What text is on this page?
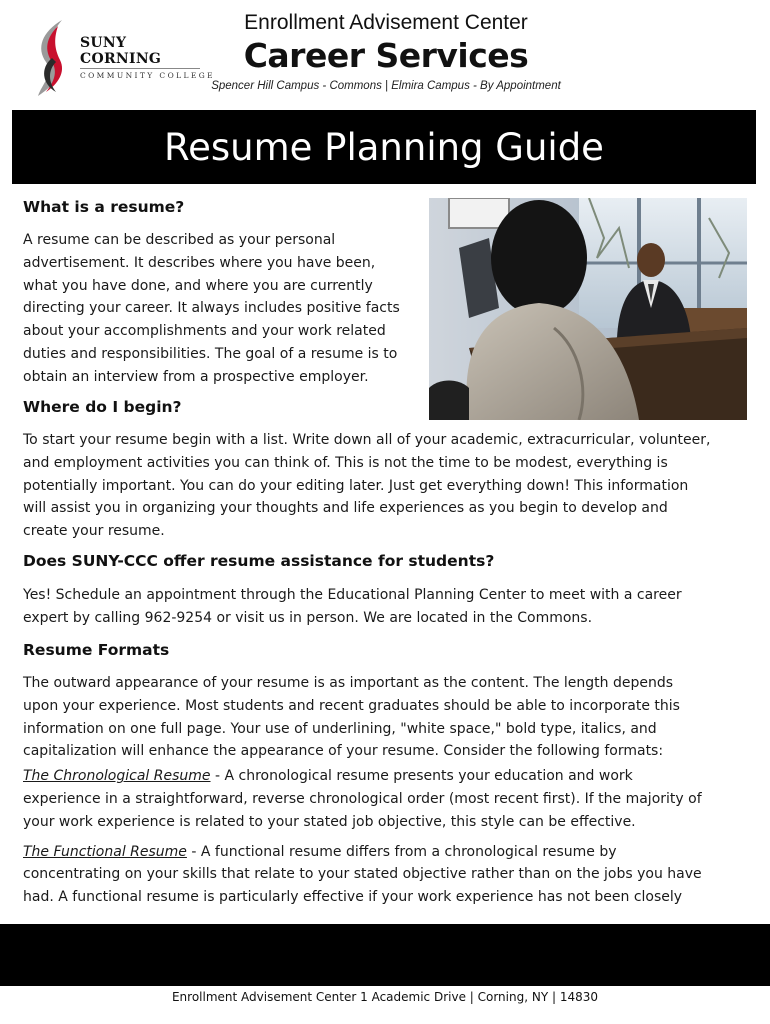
SUNY
CORNING
COMMUNITY COLLEGE
Enrollment Advisement Center
Career Services
Spencer Hill Campus - Commons | Elmira Campus - By Appointment
Resume Planning Guide
What is a resume?
A resume can be described as your personal
advertisement. It describes where you have been,
what you have done, and where you are currently
directing your career. It always includes positive facts
about your accomplishments and your work related
duties and responsibilities. The goal of a resume is to
obtain an interview from a prospective employer.
Where do I begin?
To start your resume begin with a list. Write down all of your academic, extracurricular, volunteer,
and employment activities you can think of. This is not the time to be modest, everything is
potentially important. You can do your editing later. Just get everything down! This information
will assist you in organizing your thoughts and life experiences as you begin to develop and
create your resume.
Does SUNY-CCC offer resume assistance for students?
Yes! Schedule an appointment through the Educational Planning Center to meet with a career
expert by calling 962-9254 or visit us in person. We are located in the Commons.
Resume Formats
The outward appearance of your resume is as important as the content. The length depends
upon your experience. Most students and recent graduates should be able to incorporate this
information on one full page. Your use of underlining, "white space," bold type, italics, and
capitalization will enhance the appearance of your resume. Consider the following formats:
The Chronological Resume - A chronological resume presents your education and work
experience in a straightforward, reverse chronological order (most recent first). If the majority of
your work experience is related to your stated job objective, this style can be effective.
The Functional Resume - A functional resume differs from a chronological resume by
concentrating on your skills that relate to your stated objective rather than on the jobs you have
had. A functional resume is particularly effective if your work experience has not been closely
Enrollment Advisement Center 1 Academic Drive | Corning, NY | 14830
